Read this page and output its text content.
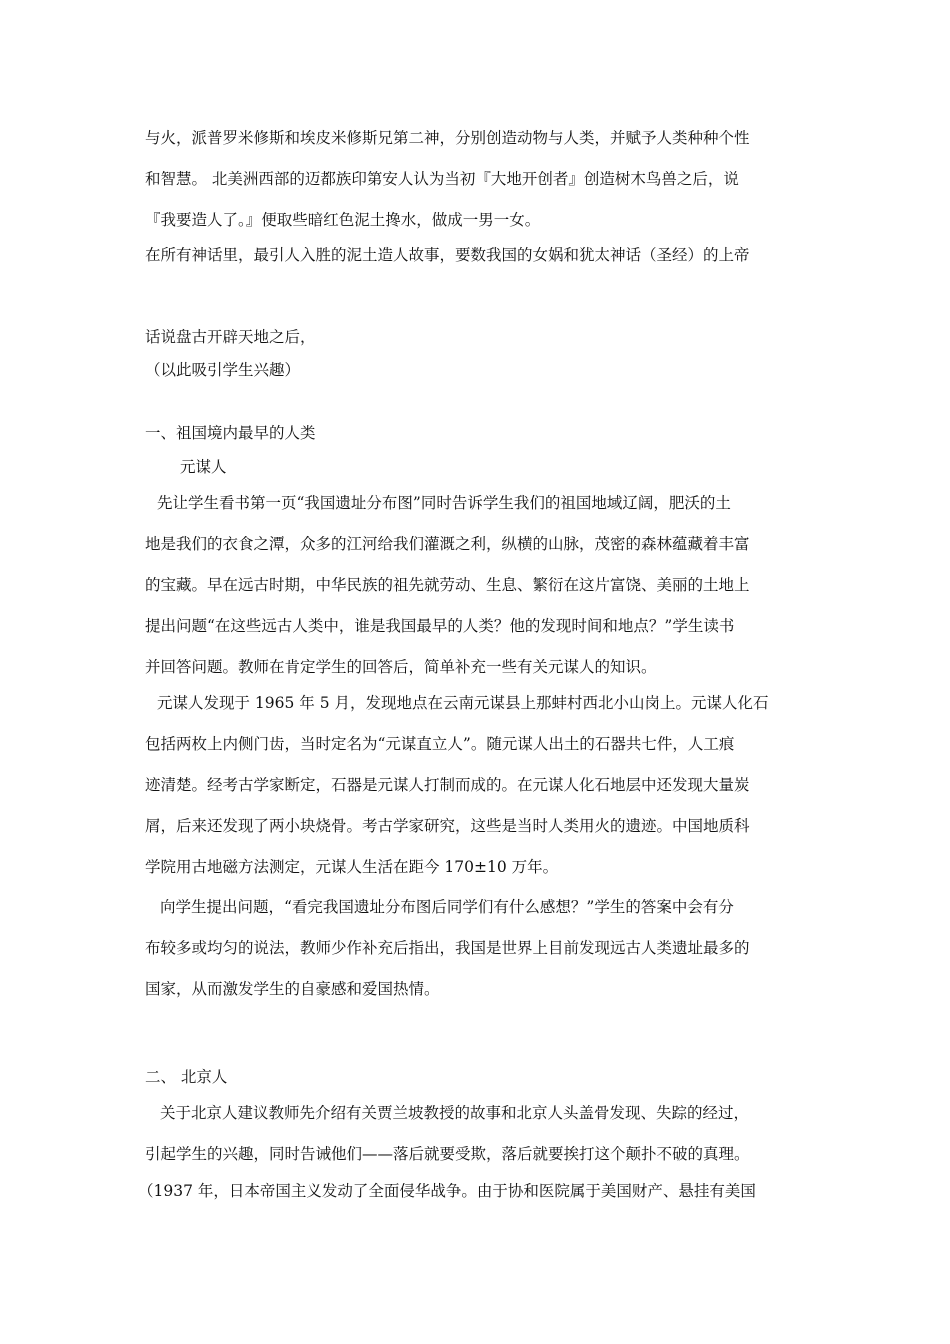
与火，派普罗米修斯和埃皮米修斯兄第二神，分别创造动物与人类，并赋予人类种种个性
和智慧。 北美洲西部的迈都族印第安人认为当初『大地开创者』创造树木鸟兽之后，说
『我要造人了。』便取些暗红色泥土搀水，做成一男一女。
在所有神话里，最引人入胜的泥土造人故事，要数我国的女娲和犹太神话（圣经）的上帝
话说盘古开辟天地之后，
（以此吸引学生兴趣）
一、祖国境内最早的人类
元谋人
先让学生看书第一页“我国遗址分布图”同时告诉学生我们的祖国地域辽阔，肥沃的土
地是我们的衣食之潭，众多的江河给我们灌溉之利，纵横的山脉，茂密的森林蕴藏着丰富
的宝藏。早在远古时期，中华民族的祖先就劳动、生息、繁衍在这片富饶、美丽的土地上
提出问题“在这些远古人类中，谁是我国最早的人类？他的发现时间和地点？”学生读书
并回答问题。教师在肯定学生的回答后，简单补充一些有关元谋人的知识。
元谋人发现于 1965 年 5 月，发现地点在云南元谋县上那蚌村西北小山岗上。元谋人化石
包括两枚上内侧门齿，当时定名为“元谋直立人”。随元谋人出土的石器共七件，人工痕
迹清楚。经考古学家断定，石器是元谋人打制而成的。在元谋人化石地层中还发现大量炭
屑，后来还发现了两小块烧骨。考古学家研究，这些是当时人类用火的遗迹。中国地质科
学院用古地磁方法测定，元谋人生活在距今 170±10 万年。
向学生提出问题，“看完我国遗址分布图后同学们有什么感想？”学生的答案中会有分
布较多或均匀的说法，教师少作补充后指出，我国是世界上目前发现远古人类遗址最多的
国家，从而激发学生的自豪感和爱国热情。
二、 北京人
关于北京人建议教师先介绍有关贾兰坡教授的故事和北京人头盖骨发现、失踪的经过，
引起学生的兴趣，同时告诫他们——落后就要受欺，落后就要挨打这个颠扑不破的真理。
（1937 年，日本帝国主义发动了全面侵华战争。由于协和医院属于美国财产、悬挂有美国
